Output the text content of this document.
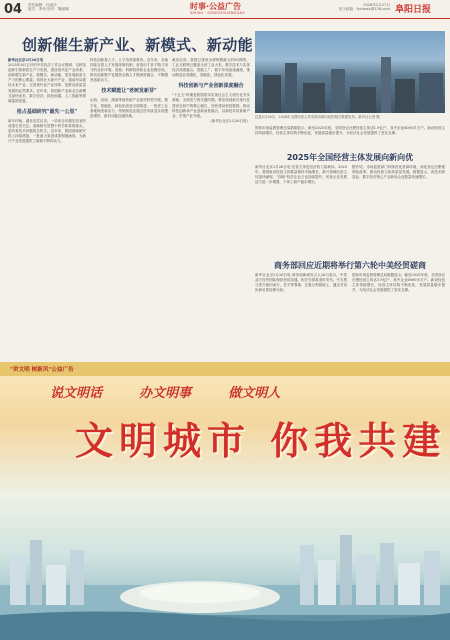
04 责任编辑：杜福庆
版式：季伟 校对：魏丽娜	时事·公益广告
SHISHI · GONGYIGUANGGAO
2026年2月27日
电子邮箱：fyrbwsx@126.com 阜阳日报
创新催生新产业、新模式、新动能
新华社北京2月26日电
2025年8月召开的中央经济工作会议强调，以科技创新引领新质生产力发展，建设现代化产业体系。创新催生新产业、新模式、新动能，是发展新质生产力的核心要素。培育壮大新兴产业，超前布局建设未来产业，完善现代化产业体系，是推动高质量发展的必然要求。近年来，我国新产业新业态新模式加快成长，数字经济、绿色低碳、人工智能等领域蓬勃发展。
抢占基础研究"最先一公里"
新年伊始，湖北省武汉市，一项来自东湖实验室的成果引发关注。基础研究是整个科学体系的源头，是所有技术问题的总机关。近年来，我国基础研究投入持续增加，一批重大原创成果相继涌现，为新兴产业发展提供了源源不断的动力。
科技创新靠人才，人才培养靠教育。近年来，各地持续完善人才发展体制机制，营造识才爱才敬才用才的良好环境。高校、科研院所和企业加强协同，推动创新链产业链资金链人才链深度融合，不断激发创新活力。
技术赋能让"老树发新芽"
山西、河南、湖南等地传统产业加快转型升级，数字化、智能化、绿色化改造全面推进。一批老工业基地焕发新活力，传统制造业通过技术改造实现提质增效，新旧动能加速转换。
截至目前，我国已建成全球规模最大的5G网络，工业互联网已覆盖全部工业大类。数字技术与实体经济深度融合，智能工厂、数字车间加速涌现，推动制造业高端化、智能化、绿色化发展。
科技创新与产业创新深度融合
"十五五"时期是我国基本实现社会主义现代化夯实基础、全面发力的关键时期。要坚持创新在现代化建设全局中的核心地位，加快建设科技强国，推动科技创新和产业创新深度融合，以新技术培育新产业、引领产业升级。
（新华社北京2月26日电）
这是2月26日，2026年全国经营主体发展向新向优的相关数据发布。新华社记者 摄
国家市场监督管理总局数据显示，截至2025年底，全国登记在册经营主体达1.9亿户，其中企业6000多万户。新设经营主体持续增长，经营主体结构不断优化，发展质量稳步提升，为经济社会发展提供了坚实支撑。
2025年全国经营主体发展向新向优
新华社北京2月26日电 经营主体是经济的力量载体。2025年，我国新设经营主体数量保持平稳增长，新兴领域经营主体加快涌现，"四新"经济企业占比持续提升。民营企业发展活力进一步增强，个体工商户稳步增长。
据介绍，市场监管部门持续优化营商环境，深化登记注册便利化改革，推动经营主体高质量发展。数据显示，高技术制造业、数字经济核心产业新设企业数量快速增长。
商务部回应近期将举行第六轮中美经贸磋商
新华社北京2月26日电 商务部新闻发言人26日表示，中美双方经贸团队保持密切沟通，相关安排将适时发布。中方愿与美方相向而行，在平等尊重、互惠互利基础上，通过对话协商妥善处理分歧。
国家市场监督管理总局数据显示，截至2025年底，全国登记在册经营主体达1.9亿户，其中企业6000多万户。新设经营主体持续增长，经营主体结构不断优化，发展质量稳步提升，为经济社会发展提供了坚实支撑。
"讲文明 树新风"公益广告
说文明话	办文明事	做文明人
文明城市 你我共建
